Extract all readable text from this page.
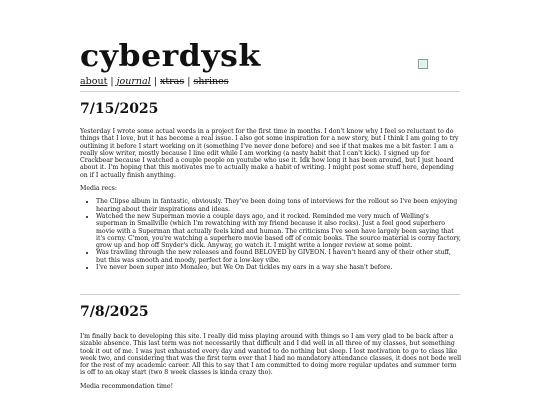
cyberdysk
about | journal | xtras | shrines
7/15/2025

Yesterday I wrote some actual words in a project for the first time in months. I don't know why I feel so reluctant to do things that I love, but it has become a real issue. I also got some inspiration for a new story, but I think I am going to try outlining it before I start working on it (something I've never done before) and see if that makes me a bit faster. I am a really slow writer, mostly because I line edit while I am working (a nasty habit that I can't kick). I signed up for Crackbear because I watched a couple people on youtube who use it. Idk how long it has been around, but I just heard about it. I'm hoping that this motivates me to actually make a habit of writing. I might post some stuff here, depending on if I actually finish anything.

Media recs:

• The Clipse album in fantastic, obviously. They've been doing tons of interviews for the rollout so I've been enjoying hearing about their inspirations and ideas.
• Watched the new Superman movie a couple days ago, and it rocked. Reminded me very much of Welling's superman in Smallville (which I'm rewatching with my friend because it also rocks). Just a feel good superhero movie with a Superman that actually feels kind and human. The criticisms I've seen have largely been saying that it's corny. C'mon, you're watching a superhero movie based off of comic books. The source material is corny factory, grow up and hop off Snyder's dick. Anyway, go watch it. I might write a longer review at some point.
• Was trawling through the new releases and found BELOVED by GIVEON. I haven't heard any of their other stuff, but this was smooth and moody, perfect for a low-key vibe.
• I've never been super into Monaleo, but We On Dat tickles my ears in a way she hasn't before.
7/8/2025

I'm finally back to developing this site. I really did miss playing around with things so I am very glad to be back after a sizable absence. This last term was not necessarily that difficult and I did well in all three of my classes, but something took it out of me. I was just exhausted every day and wanted to do nothing but sleep. I lost motivation to go to class like week two, and considering that was the first term ever that I had no mandatory attendance classes, it does not bode well for the rest of my academic career. All this to say that I am committed to doing more regular updates and summer term is off to an okay start (two 8 week classes is kinda crazy tho).

Media recommendation time!
